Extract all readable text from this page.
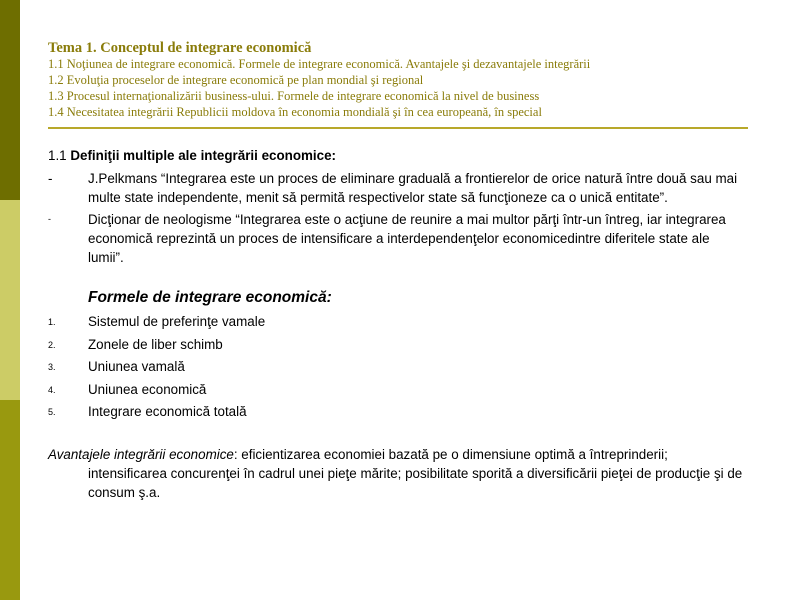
Tema 1. Conceptul de integrare economică
1.1 Noţiunea de integrare economică. Formele de integrare economică. Avantajele şi dezavantajele integrării
1.2 Evoluţia proceselor de integrare economică pe plan mondial şi regional
1.3 Procesul internaţionalizării business-ului. Formele de integrare economică la nivel de business
1.4 Necesitatea integrării Republicii moldova în economia mondială şi în cea europeană, în special
1.1 Definiţii multiple ale integrării economice:
-	J.Pelkmans “Integrarea este un proces de eliminare graduală a frontierelor de orice natură între două sau mai multe state independente, menit să permită respectivelor state să funcţioneze ca o unică entitate”.
-	Dicţionar de neologisme “Integrarea este o acţiune de reunire a mai multor părţi într-un întreg, iar integrarea economică reprezintă un proces de intensificare a interdependenţelor economicedintre diferitele state ale lumii”.
Formele de integrare economică:
1. Sistemul de preferinţe vamale
2. Zonele de liber schimb
3. Uniunea vamală
4. Uniunea economică
5. Integrare economică totală
Avantajele integrării economice: eficientizarea economiei bazată pe o dimensiune optimă a întreprinderii; intensificarea concurenţei în cadrul unei pieţe mărite; posibilitate sporită a diversificării pieţei de producţie şi de consum ş.a.
